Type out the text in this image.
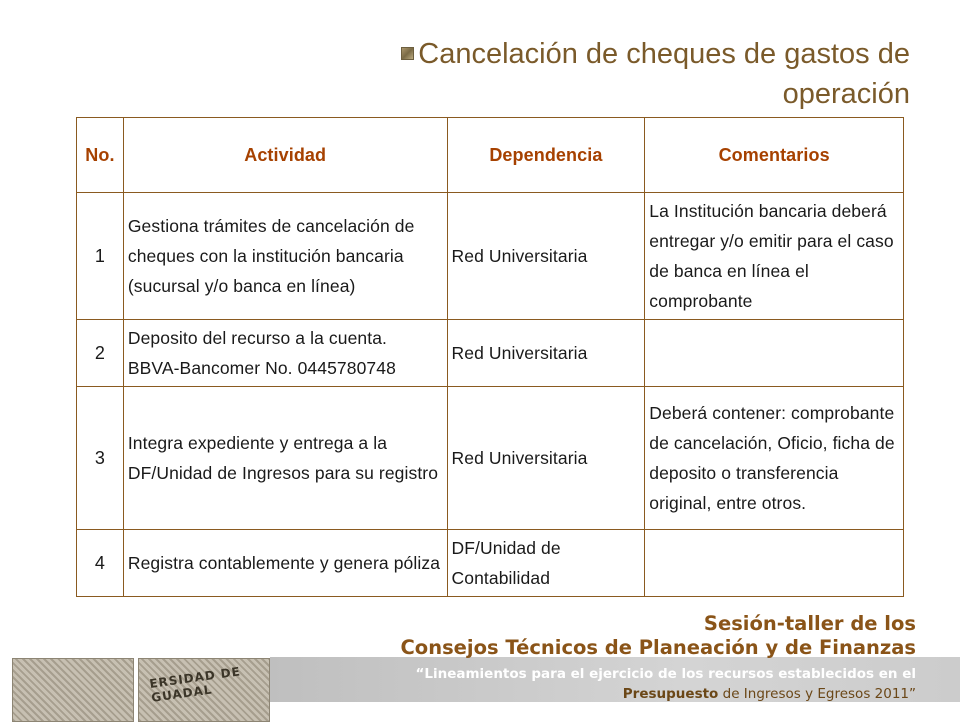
Cancelación de cheques de gastos de
operación
No.	Actividad	Dependencia	Comentarios
1	Gestiona trámites de cancelación de cheques con la institución bancaria (sucursal y/o banca en línea)	Red Universitaria	La Institución bancaria deberá entregar y/o emitir para el caso de banca en línea el comprobante
2	Deposito del recurso a la cuenta. BBVA-Bancomer No. 0445780748	Red Universitaria	
3	Integra expediente y entrega a la DF/Unidad de Ingresos para su registro	Red Universitaria	Deberá contener: comprobante de cancelación, Oficio, ficha de deposito o transferencia original, entre otros.
4	Registra contablemente y genera póliza	DF/Unidad de Contabilidad	
ERSIDAD DE GUADAL
Sesión-taller de los
Consejos Técnicos de Planeación y de Finanzas
“Lineamientos para el ejercicio de los recursos establecidos en el
Presupuesto de Ingresos y Egresos 2011”
